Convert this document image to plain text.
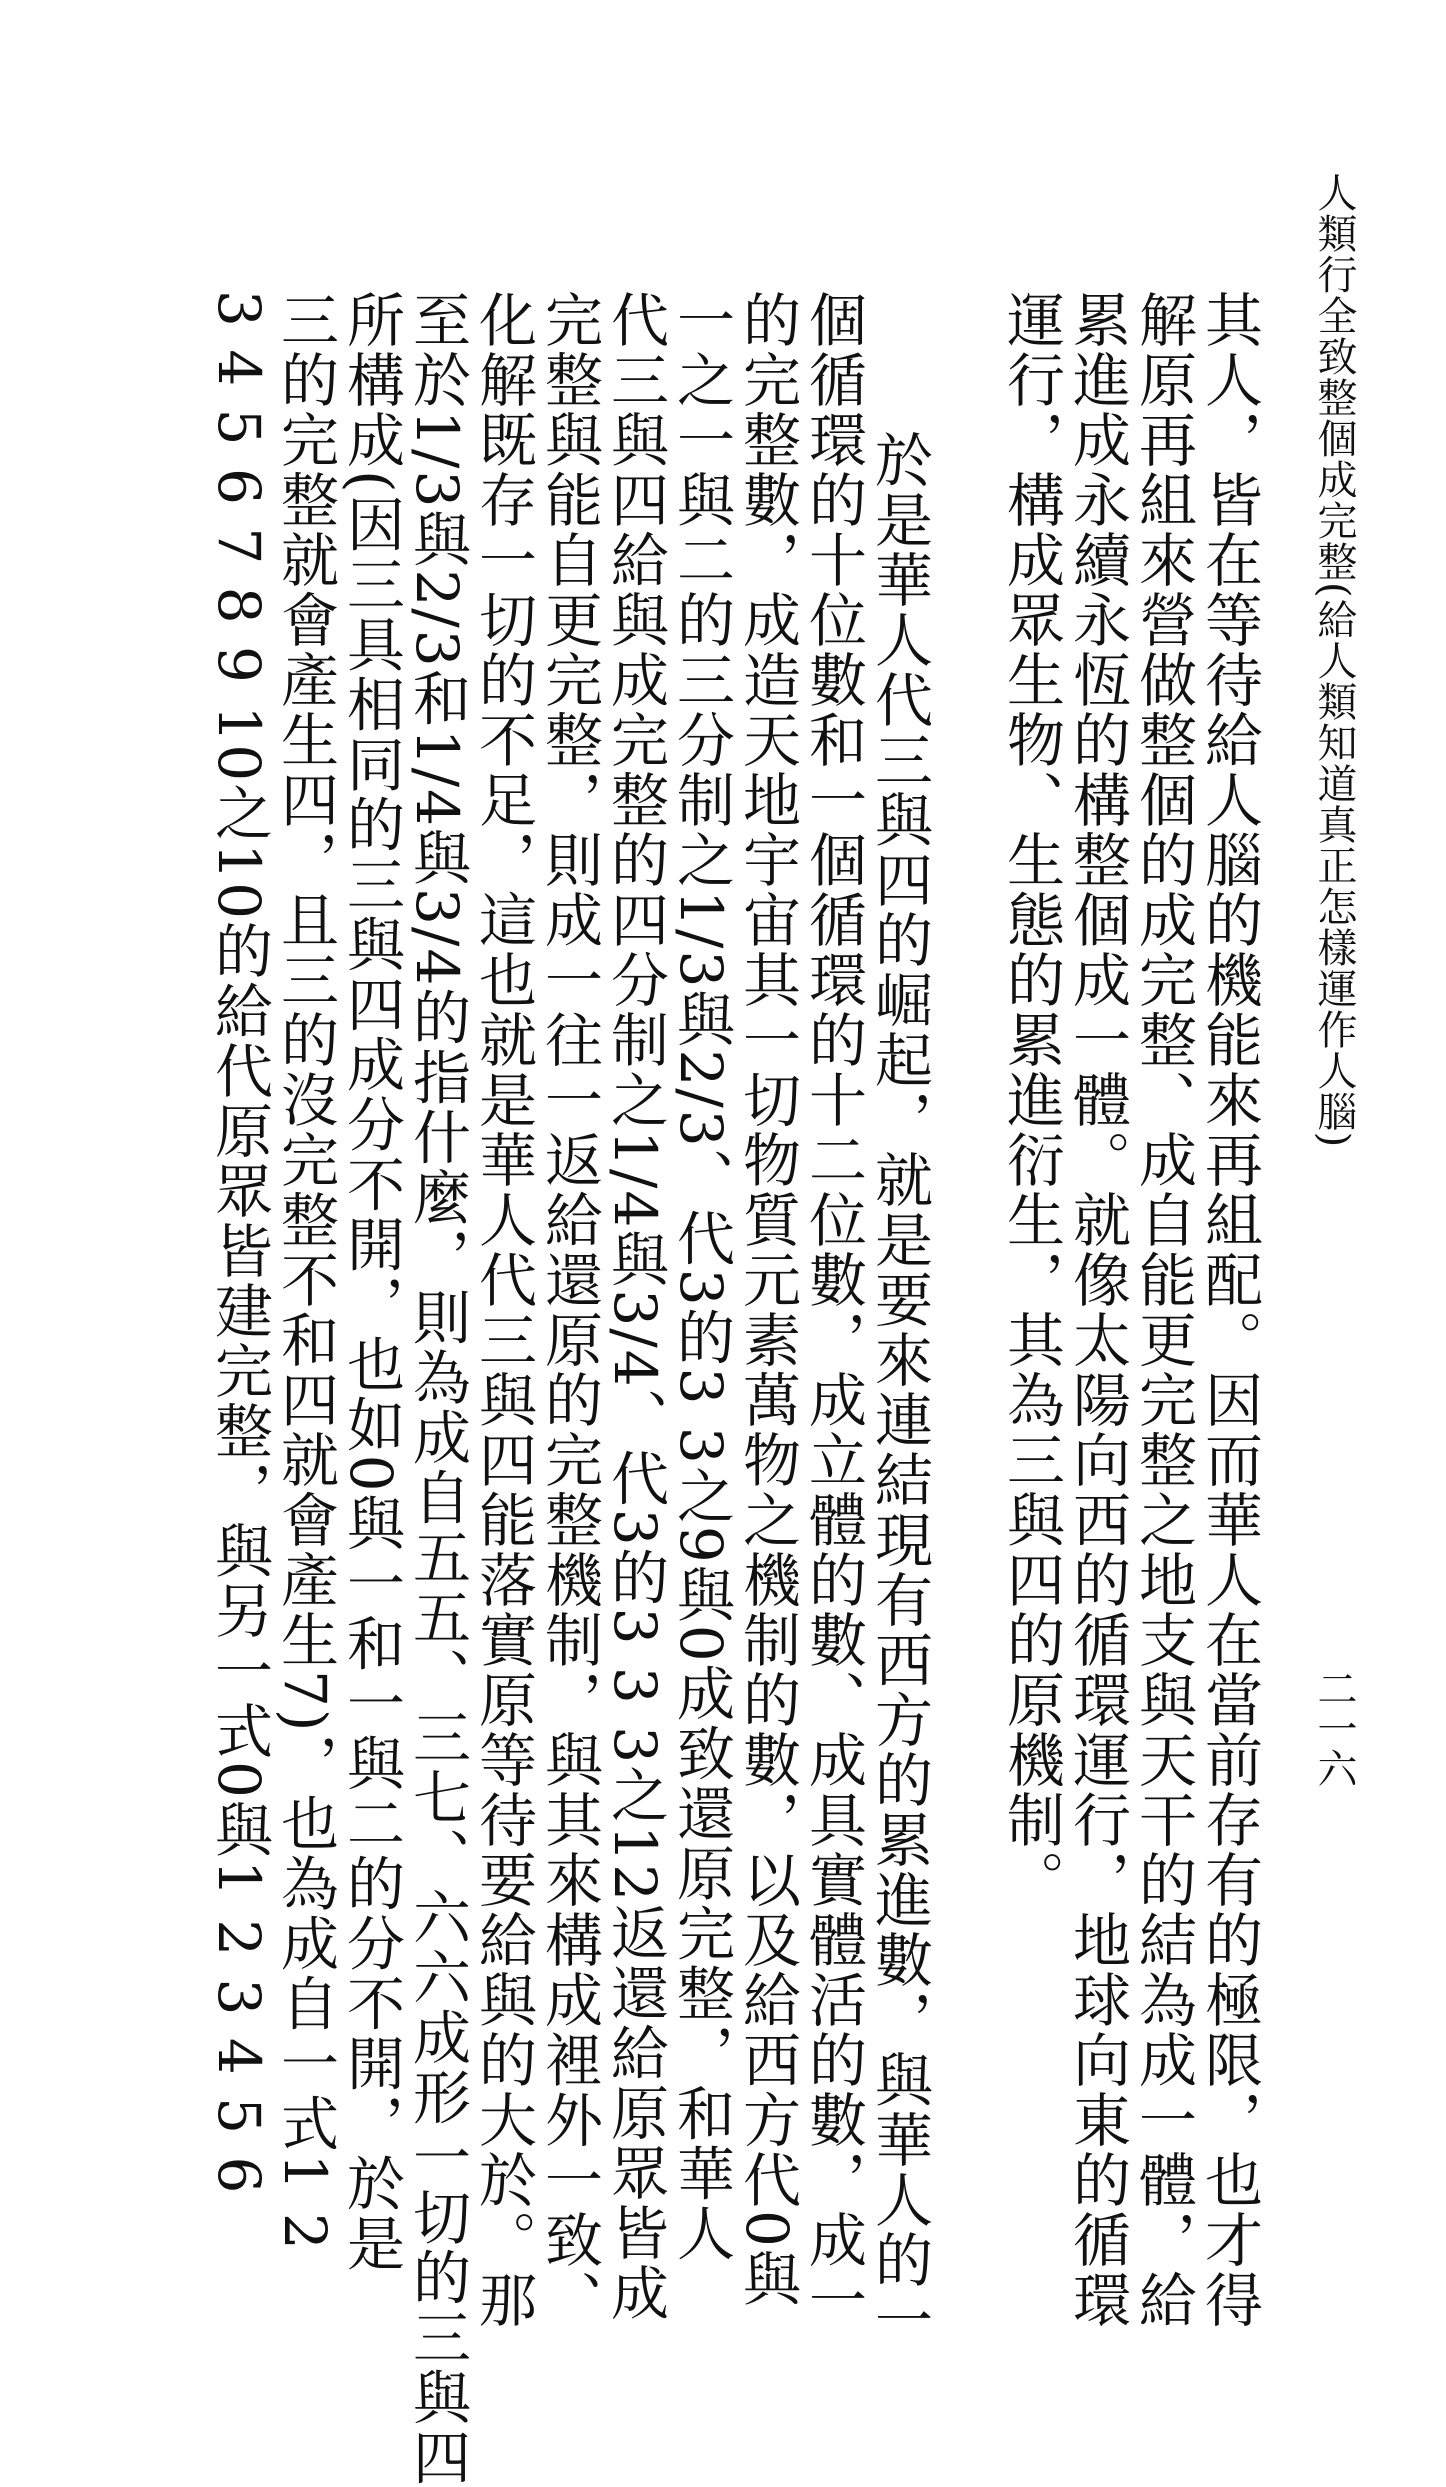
人類行全致整個成完整(給人類知道真正怎樣運作人腦)
二一六
其人，皆在等待給人腦的機能來再組配。因而華人在當前存有的極限，也才得
解原再組來營做整個的成完整、成自能更完整之地支與天干的結為成一體，給
累進成永續永恆的構整個成一體。就像太陽向西的循環運行，地球向東的循環
運行，構成眾生物、生態的累進衍生，其為三與四的原機制。
　於是華人代三與四的崛起，就是要來連結現有西方的累進數，與華人的一
個循環的十位數和一個循環的十二位數，成立體的數、成具實體活的數，成一
的完整數，成造天地宇宙其一切物質元素萬物之機制的數，以及給西方代0與
一之一與二的三分制之1/3與2/3、代3的3 3之9與0成致還原完整，和華人
代三與四給與成完整的四分制之1/4與3/4、代3的3 3 3之12返還給原眾皆成
完整與能自更完整，則成一往一返給還原的完整機制，與其來構成裡外一致、
化解既存一切的不足，這也就是華人代三與四能落實原等待要給與的大於。那
至於1/3與2/3和1/4與3/4的指什麼，則為成自五五、三七、六六成形一切的三與四
所構成(因三具相同的三與四成分不開，也如0與一和一與二的分不開，於是
三的完整就會產生四，且三的沒完整不和四就會產生7)，也為成自一式1 2
3 4 5 6 7 8 9 10之10的給代原眾皆建完整，與另一式0與1 2 3 4 5 6
